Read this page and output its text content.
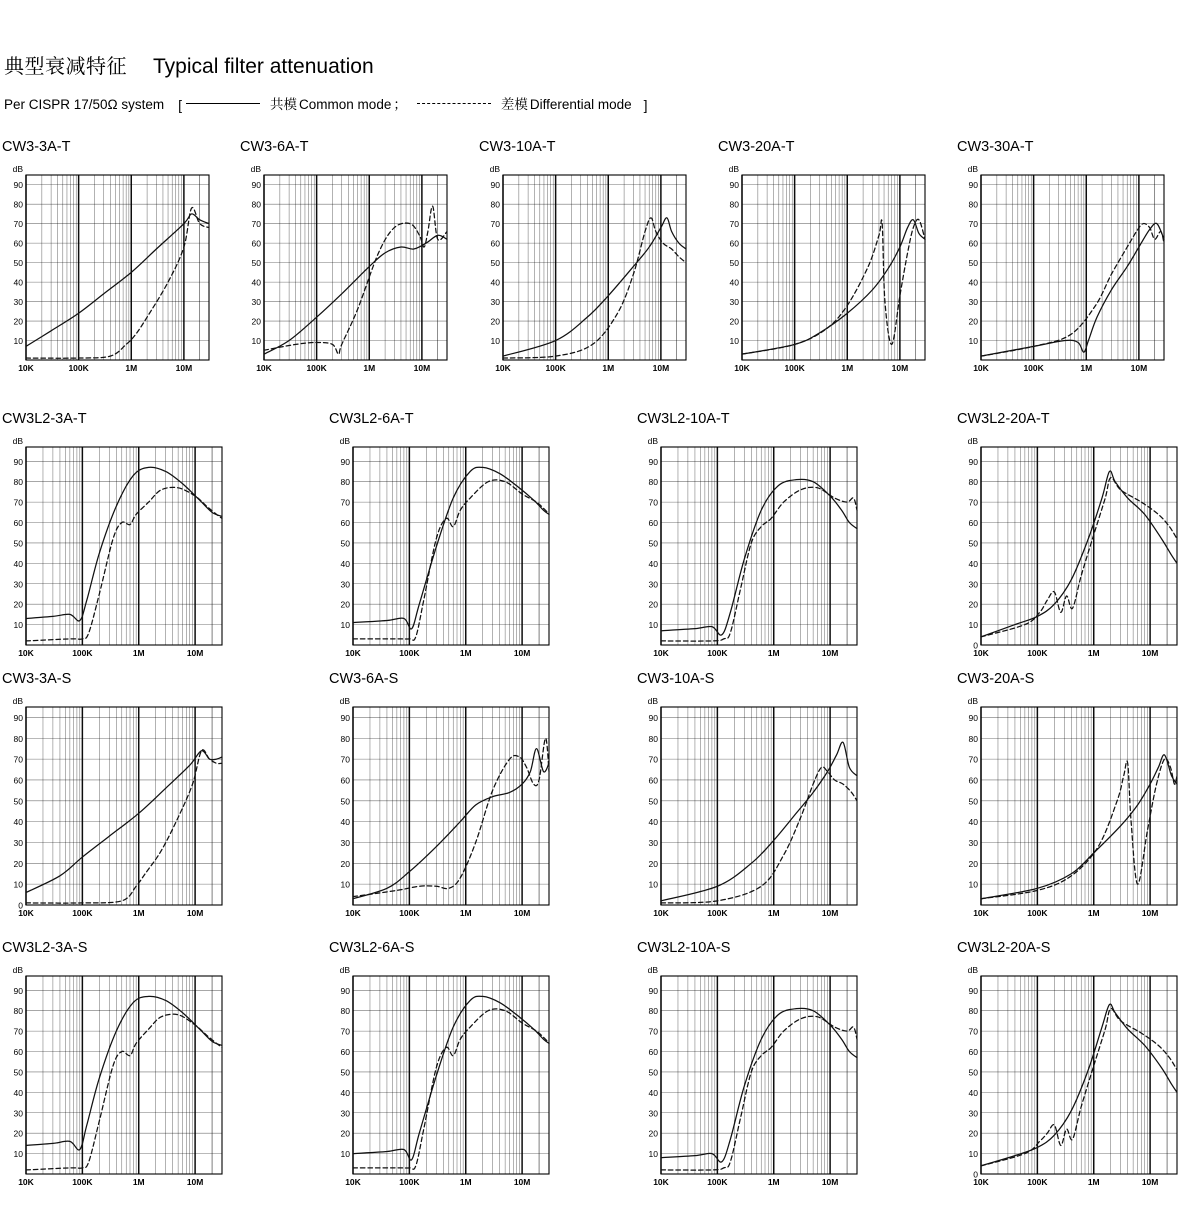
典型衰减特征 Typical filter attenuation
Per CISPR 17/50Ω system [	共模 Common mode ；	差模 Differential mode ]
CW3-3A-T
90
80
70
60
50
40
30
20
10
dB
10K	100K	1M	10M
CW3-6A-T
90
80
70
60
50
40
30
20
10
dB
10K	100K	1M	10M
CW3-10A-T
90
80
70
60
50
40
30
20
10
dB
10K	100K	1M	10M
CW3-20A-T
90
80
70
60
50
40
30
20
10
dB
10K	100K	1M	10M
CW3-30A-T
90
80
70
60
50
40
30
20
10
dB
10K	100K	1M	10M
CW3L2-3A-T
90
80
70
60
50
40
30
20
10
dB
10K	100K	1M	10M
CW3L2-6A-T
90
80
70
60
50
40
30
20
10
dB
10K	100K	1M	10M
CW3L2-10A-T
90
80
70
60
50
40
30
20
10
dB
10K	100K	1M	10M
CW3L2-20A-T
90
80
70
60
50
40
30
20
10
0
dB
10K	100K	1M	10M
CW3-3A-S
90
80
70
60
50
40
30
20
10
0
dB
10K	100K	1M	10M
CW3-6A-S
90
80
70
60
50
40
30
20
10
dB
10K	100K	1M	10M
CW3-10A-S
90
80
70
60
50
40
30
20
10
dB
10K	100K	1M	10M
CW3-20A-S
90
80
70
60
50
40
30
20
10
dB
10K	100K	1M	10M
CW3L2-3A-S
90
80
70
60
50
40
30
20
10
dB
10K	100K	1M	10M
CW3L2-6A-S
90
80
70
60
50
40
30
20
10
dB
10K	100K	1M	10M
CW3L2-10A-S
90
80
70
60
50
40
30
20
10
dB
10K	100K	1M	10M
CW3L2-20A-S
90
80
70
60
50
40
30
20
10
0
dB
10K	100K	1M	10M
